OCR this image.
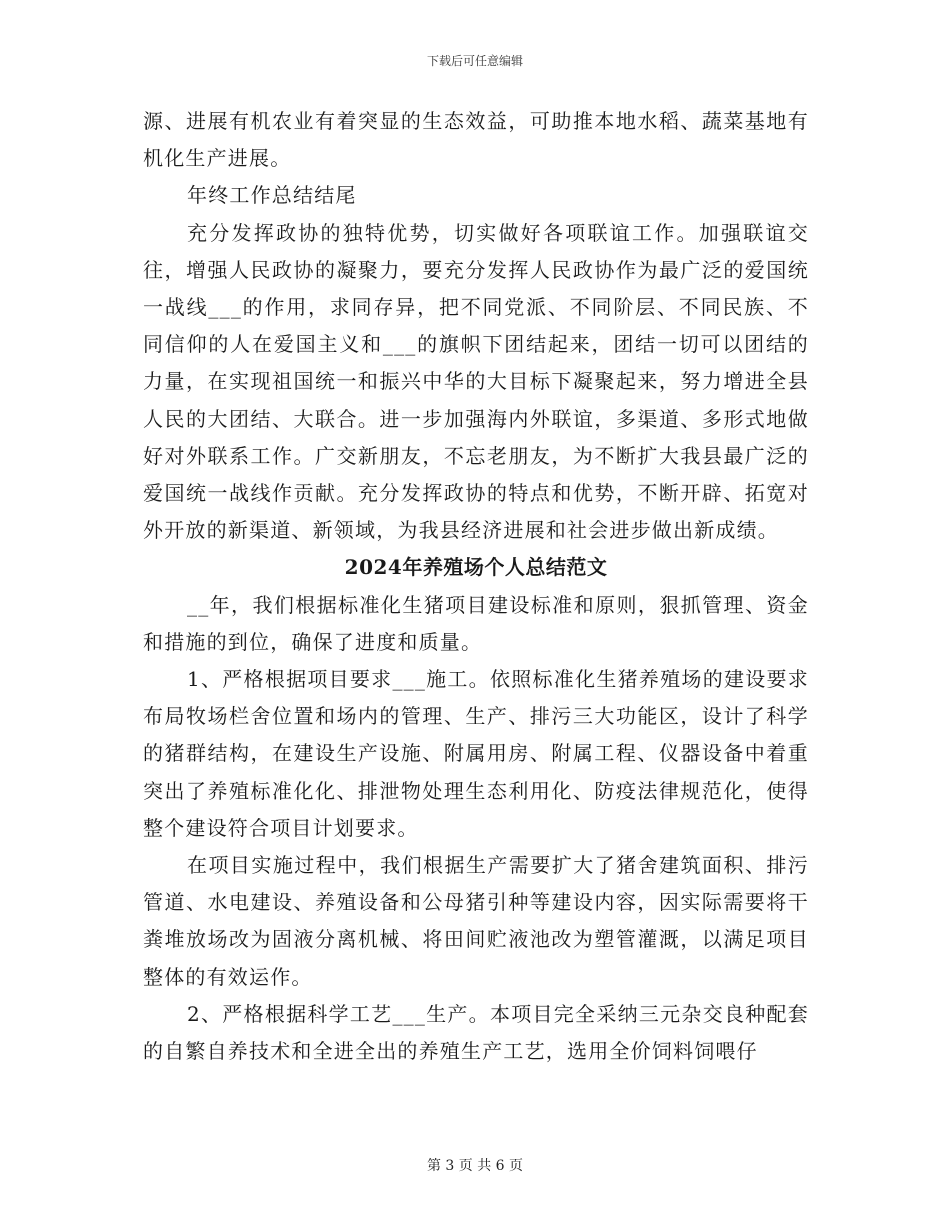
下载后可任意编辑

源、进展有机农业有着突显的生态效益，可助推本地水稻、蔬菜基地有机化生产进展。

年终工作总结结尾

充分发挥政协的独特优势，切实做好各项联谊工作。加强联谊交往，增强人民政协的凝聚力，要充分发挥人民政协作为最广泛的爱国统一战线___的作用，求同存异，把不同党派、不同阶层、不同民族、不同信仰的人在爱国主义和___的旗帜下团结起来，团结一切可以团结的力量，在实现祖国统一和振兴中华的大目标下凝聚起来，努力增进全县人民的大团结、大联合。进一步加强海内外联谊，多渠道、多形式地做好对外联系工作。广交新朋友，不忘老朋友，为不断扩大我县最广泛的爱国统一战线作贡献。充分发挥政协的特点和优势，不断开辟、拓宽对外开放的新渠道、新领域，为我县经济进展和社会进步做出新成绩。

2024年养殖场个人总结范文

__年，我们根据标准化生猪项目建设标准和原则，狠抓管理、资金和措施的到位，确保了进度和质量。

1、严格根据项目要求___施工。依照标准化生猪养殖场的建设要求布局牧场栏舍位置和场内的管理、生产、排污三大功能区，设计了科学的猪群结构，在建设生产设施、附属用房、附属工程、仪器设备中着重突出了养殖标准化化、排泄物处理生态利用化、防疫法律规范化，使得整个建设符合项目计划要求。

在项目实施过程中，我们根据生产需要扩大了猪舍建筑面积、排污管道、水电建设、养殖设备和公母猪引种等建设内容，因实际需要将干粪堆放场改为固液分离机械、将田间贮液池改为塑管灌溉，以满足项目整体的有效运作。

2、严格根据科学工艺___生产。本项目完全采纳三元杂交良种配套的自繁自养技术和全进全出的养殖生产工艺，选用全价饲料饲喂仔

第 3 页 共 6 页
